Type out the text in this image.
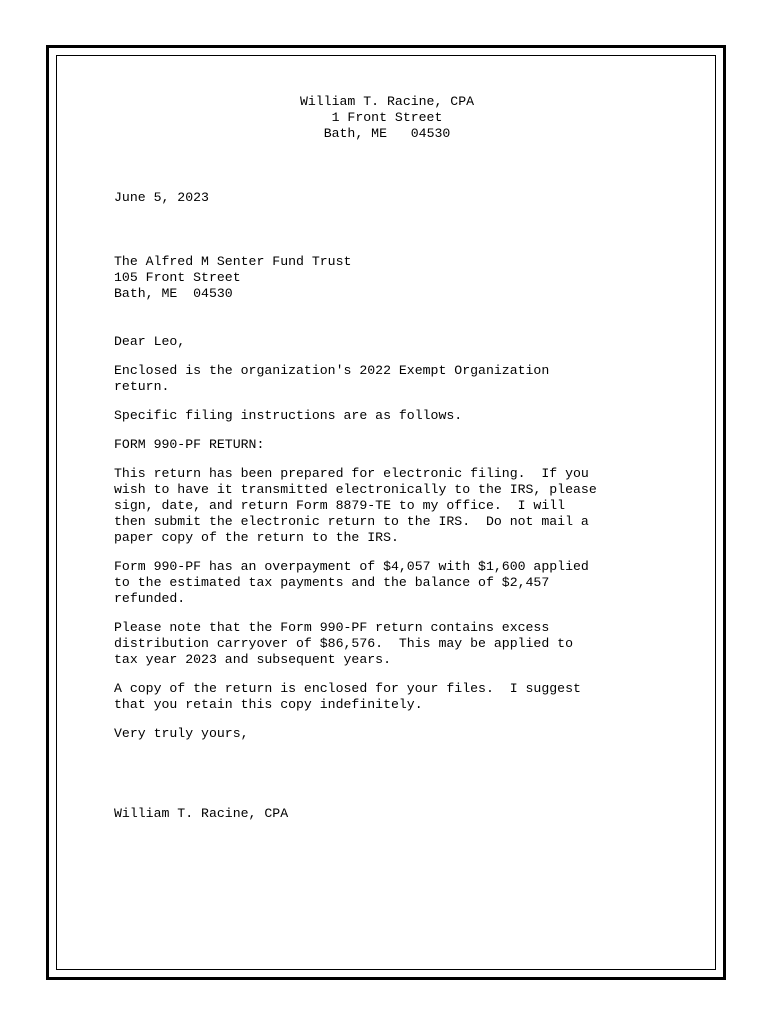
William T. Racine, CPA
1 Front Street
Bath, ME   04530
June 5, 2023
The Alfred M Senter Fund Trust
105 Front Street
Bath, ME  04530
Dear Leo,
Enclosed is the organization's 2022 Exempt Organization
return.
Specific filing instructions are as follows.
FORM 990-PF RETURN:
This return has been prepared for electronic filing.  If you
wish to have it transmitted electronically to the IRS, please
sign, date, and return Form 8879-TE to my office.  I will
then submit the electronic return to the IRS.  Do not mail a
paper copy of the return to the IRS.
Form 990-PF has an overpayment of $4,057 with $1,600 applied
to the estimated tax payments and the balance of $2,457
refunded.
Please note that the Form 990-PF return contains excess
distribution carryover of $86,576.  This may be applied to
tax year 2023 and subsequent years.
A copy of the return is enclosed for your files.  I suggest
that you retain this copy indefinitely.
Very truly yours,
William T. Racine, CPA
